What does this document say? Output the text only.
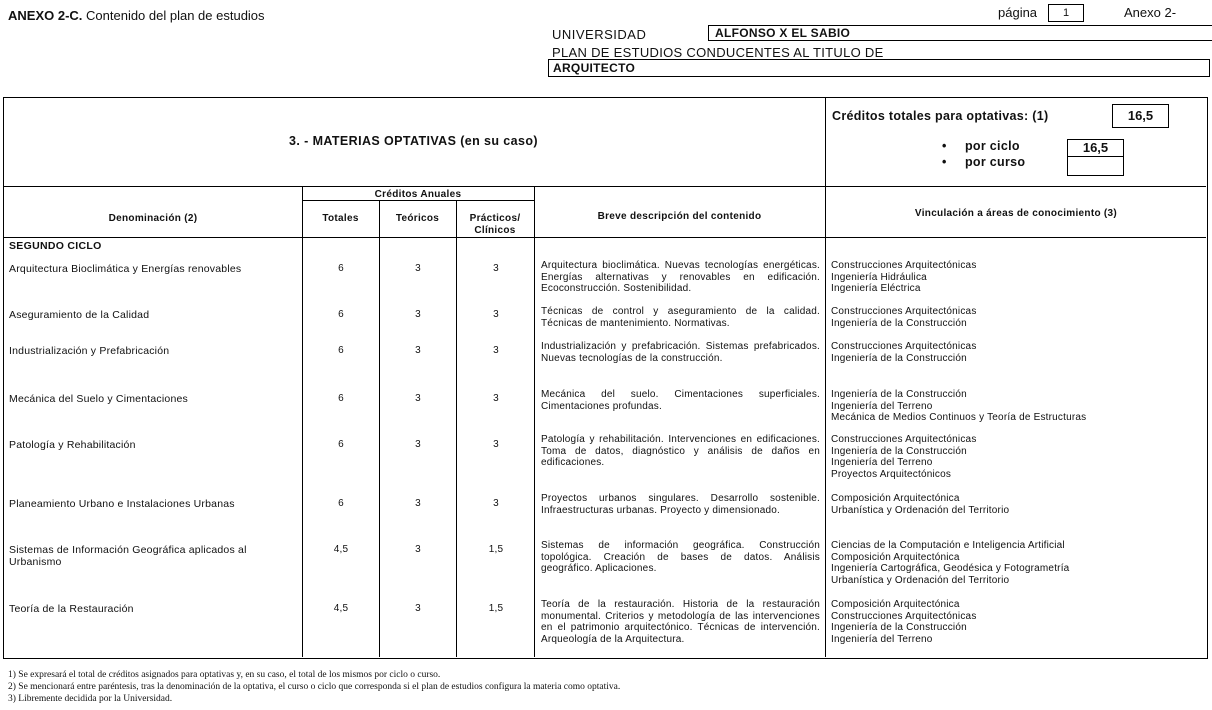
ANEXO 2-C. Contenido del plan de estudios	página	1	Anexo 2-
UNIVERSIDAD	ALFONSO X EL SABIO
PLAN DE ESTUDIOS CONDUCENTES AL TITULO DE
ARQUITECTO
3. - MATERIAS OPTATIVAS (en su caso)
Créditos totales para optativas: (1)	16,5
• por ciclo	16,5
• por curso
Denominación (2)
Créditos Anuales
Totales	Teóricos	Prácticos/ Clínicos
Breve descripción del contenido	Vinculación a áreas de conocimiento (3)
SEGUNDO CICLO
Arquitectura Bioclimática y Energías renovables	6	3	3	Arquitectura bioclimática. Nuevas tecnologías energéticas. Energías alternativas y renovables en edificación. Ecoconstrucción. Sostenibilidad.
Construcciones Arquitectónicas
Ingeniería Hidráulica
Ingeniería Eléctrica
Aseguramiento de la Calidad	6	3	3	Técnicas de control y aseguramiento de la calidad. Técnicas de mantenimiento. Normativas.
Construcciones Arquitectónicas
Ingeniería de la Construcción
Industrialización y Prefabricación	6	3	3	Industrialización y prefabricación. Sistemas prefabricados. Nuevas tecnologías de la construcción.
Construcciones Arquitectónicas
Ingeniería de la Construcción
Mecánica del Suelo y Cimentaciones	6	3	3	Mecánica del suelo. Cimentaciones superficiales. Cimentaciones profundas.
Ingeniería de la Construcción
Ingeniería del Terreno
Mecánica de Medios Continuos y Teoría de Estructuras
Patología y Rehabilitación	6	3	3	Patología y rehabilitación. Intervenciones en edificaciones. Toma de datos, diagnóstico y análisis de daños en edificaciones.
Construcciones Arquitectónicas
Ingeniería de la Construcción
Ingeniería del Terreno
Proyectos Arquitectónicos
Planeamiento Urbano e Instalaciones Urbanas	6	3	3	Proyectos urbanos singulares. Desarrollo sostenible. Infraestructuras urbanas. Proyecto y dimensionado.
Composición Arquitectónica
Urbanística y Ordenación del Territorio
Sistemas de Información Geográfica aplicados al Urbanismo
4,5	3	1,5	Sistemas de información geográfica. Construcción topológica. Creación de bases de datos. Análisis geográfico. Aplicaciones.
Ciencias de la Computación e Inteligencia Artificial
Composición Arquitectónica
Ingeniería Cartográfica, Geodésica y Fotogrametría
Urbanística y Ordenación del Territorio
Teoría de la Restauración	4,5	3	1,5	Teoría de la restauración. Historia de la restauración monumental. Criterios y metodología de las intervenciones en el patrimonio arquitectónico. Técnicas de intervención. Arqueología de la Arquitectura.
Composición Arquitectónica
Construcciones Arquitectónicas
Ingeniería de la Construcción
Ingeniería del Terreno
1) Se expresará el total de créditos asignados para optativas y, en su caso, el total de los mismos por ciclo o curso.
2) Se mencionará entre paréntesis, tras la denominación de la optativa, el curso o ciclo que corresponda si el plan de estudios configura la materia como optativa.
3) Libremente decidida por la Universidad.
